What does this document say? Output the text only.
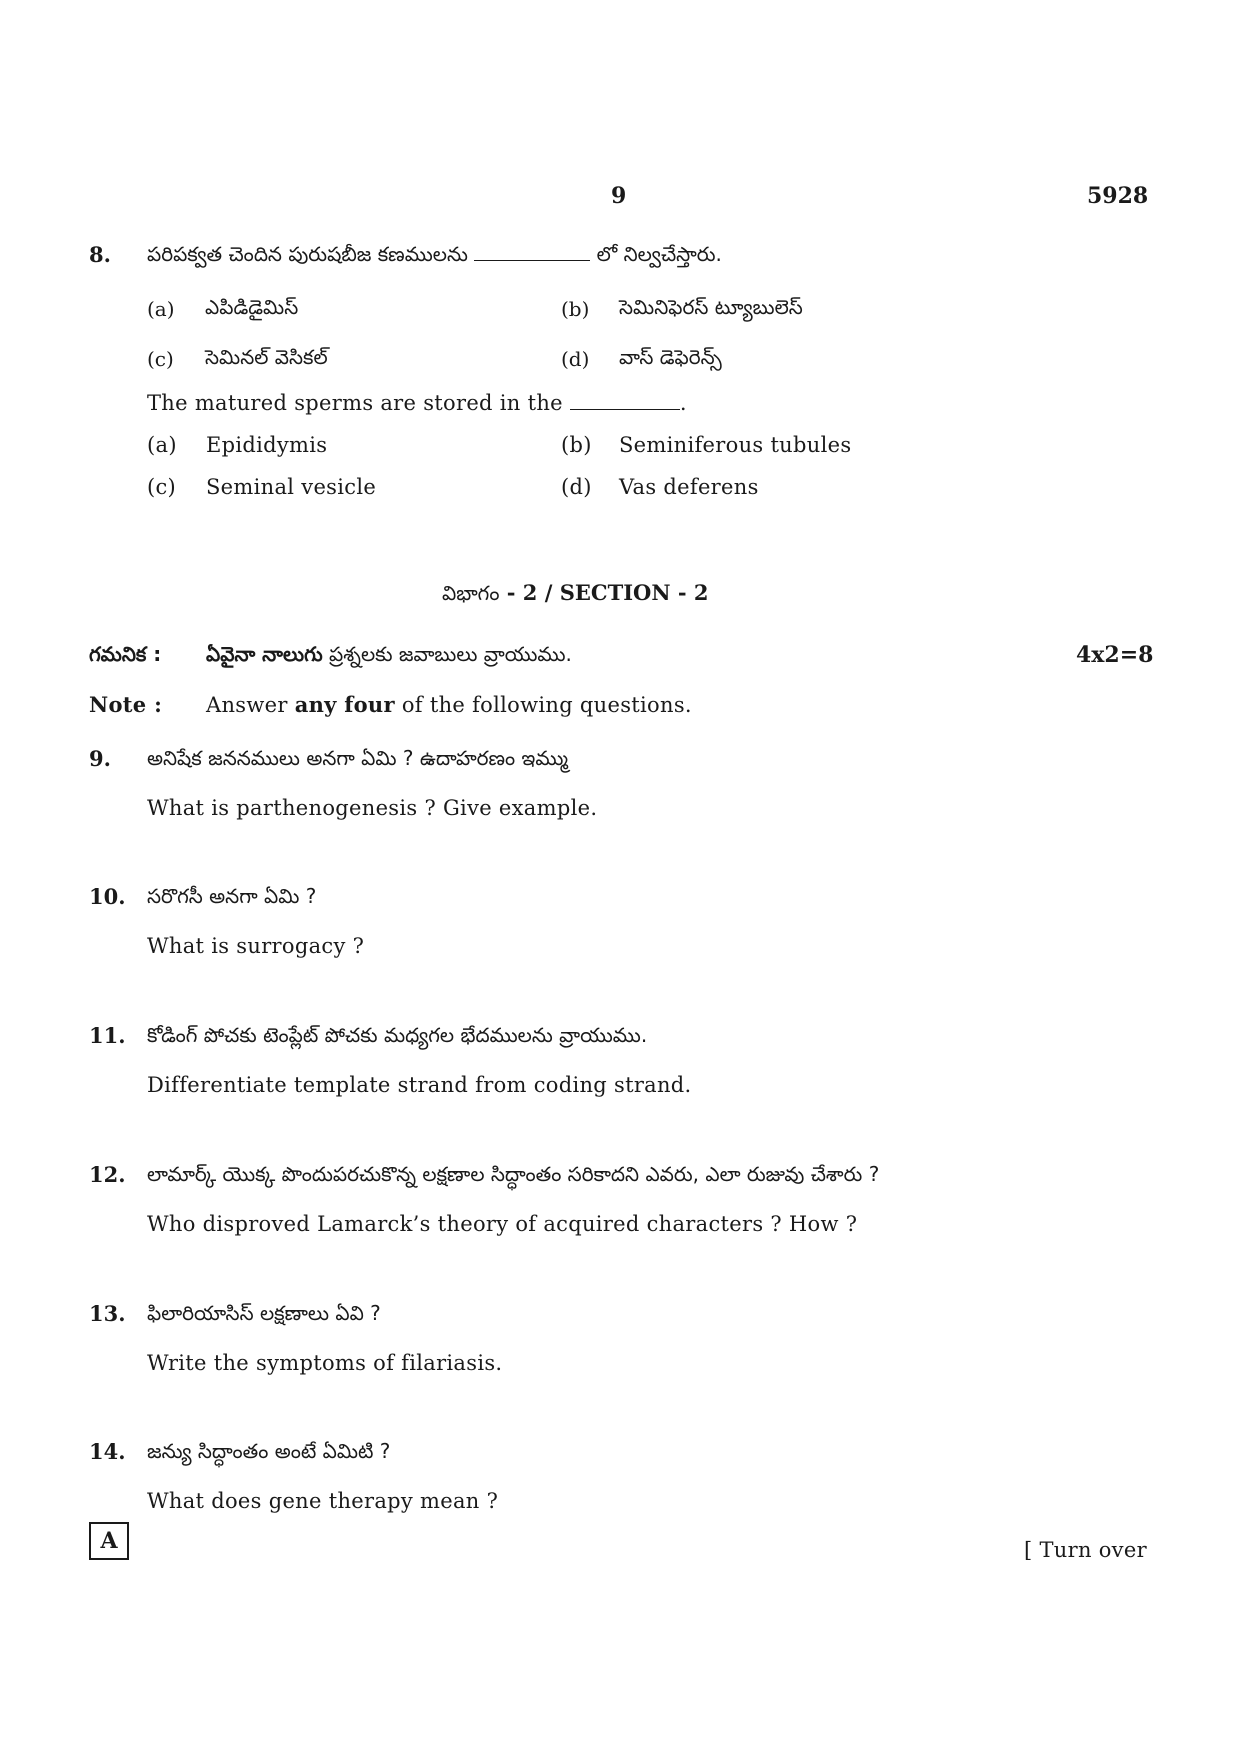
9	5928
8. పరిపక్వత చెందిన పురుషబీజ కణములను	లో నిల్వచేస్తారు.
(a) ఎపిడిడైమిస్	(b) సెమినిఫెరస్ ట్యూబులెస్
(c) సెమినల్ వెసికల్	(d) వాస్ డెఫెరెన్స్
The matured sperms are stored in the	.
(a) Epididymis	(b) Seminiferous tubules
(c) Seminal vesicle	(d) Vas deferens
విభాగం - 2 / SECTION - 2
గమనిక : ఏవైనా నాలుగు ప్రశ్నలకు జవాబులు వ్రాయుము.	4x2=8
Note : Answer any four of the following questions.
9. అనిషేక జననములు అనగా ఏమి ? ఉదాహరణం ఇమ్ము
What is parthenogenesis ? Give example.
10. సరొగసీ అనగా ఏమి ?
What is surrogacy ?
11. కోడింగ్ పోచకు టెంప్లేట్ పోచకు మధ్యగల భేదములను వ్రాయుము.
Differentiate template strand from coding strand.
12. లామార్క్ యొక్క పొందుపరచుకొన్న లక్షణాల సిద్ధాంతం సరికాదని ఎవరు, ఎలా రుజువు చేశారు ?
Who disproved Lamarck’s theory of acquired characters ? How ?
13. ఫిలారియాసిస్ లక్షణాలు ఏవి ?
Write the symptoms of filariasis.
14. జన్యు సిద్ధాంతం అంటే ఏమిటి ?
What does gene therapy mean ?
A	[ Turn over
